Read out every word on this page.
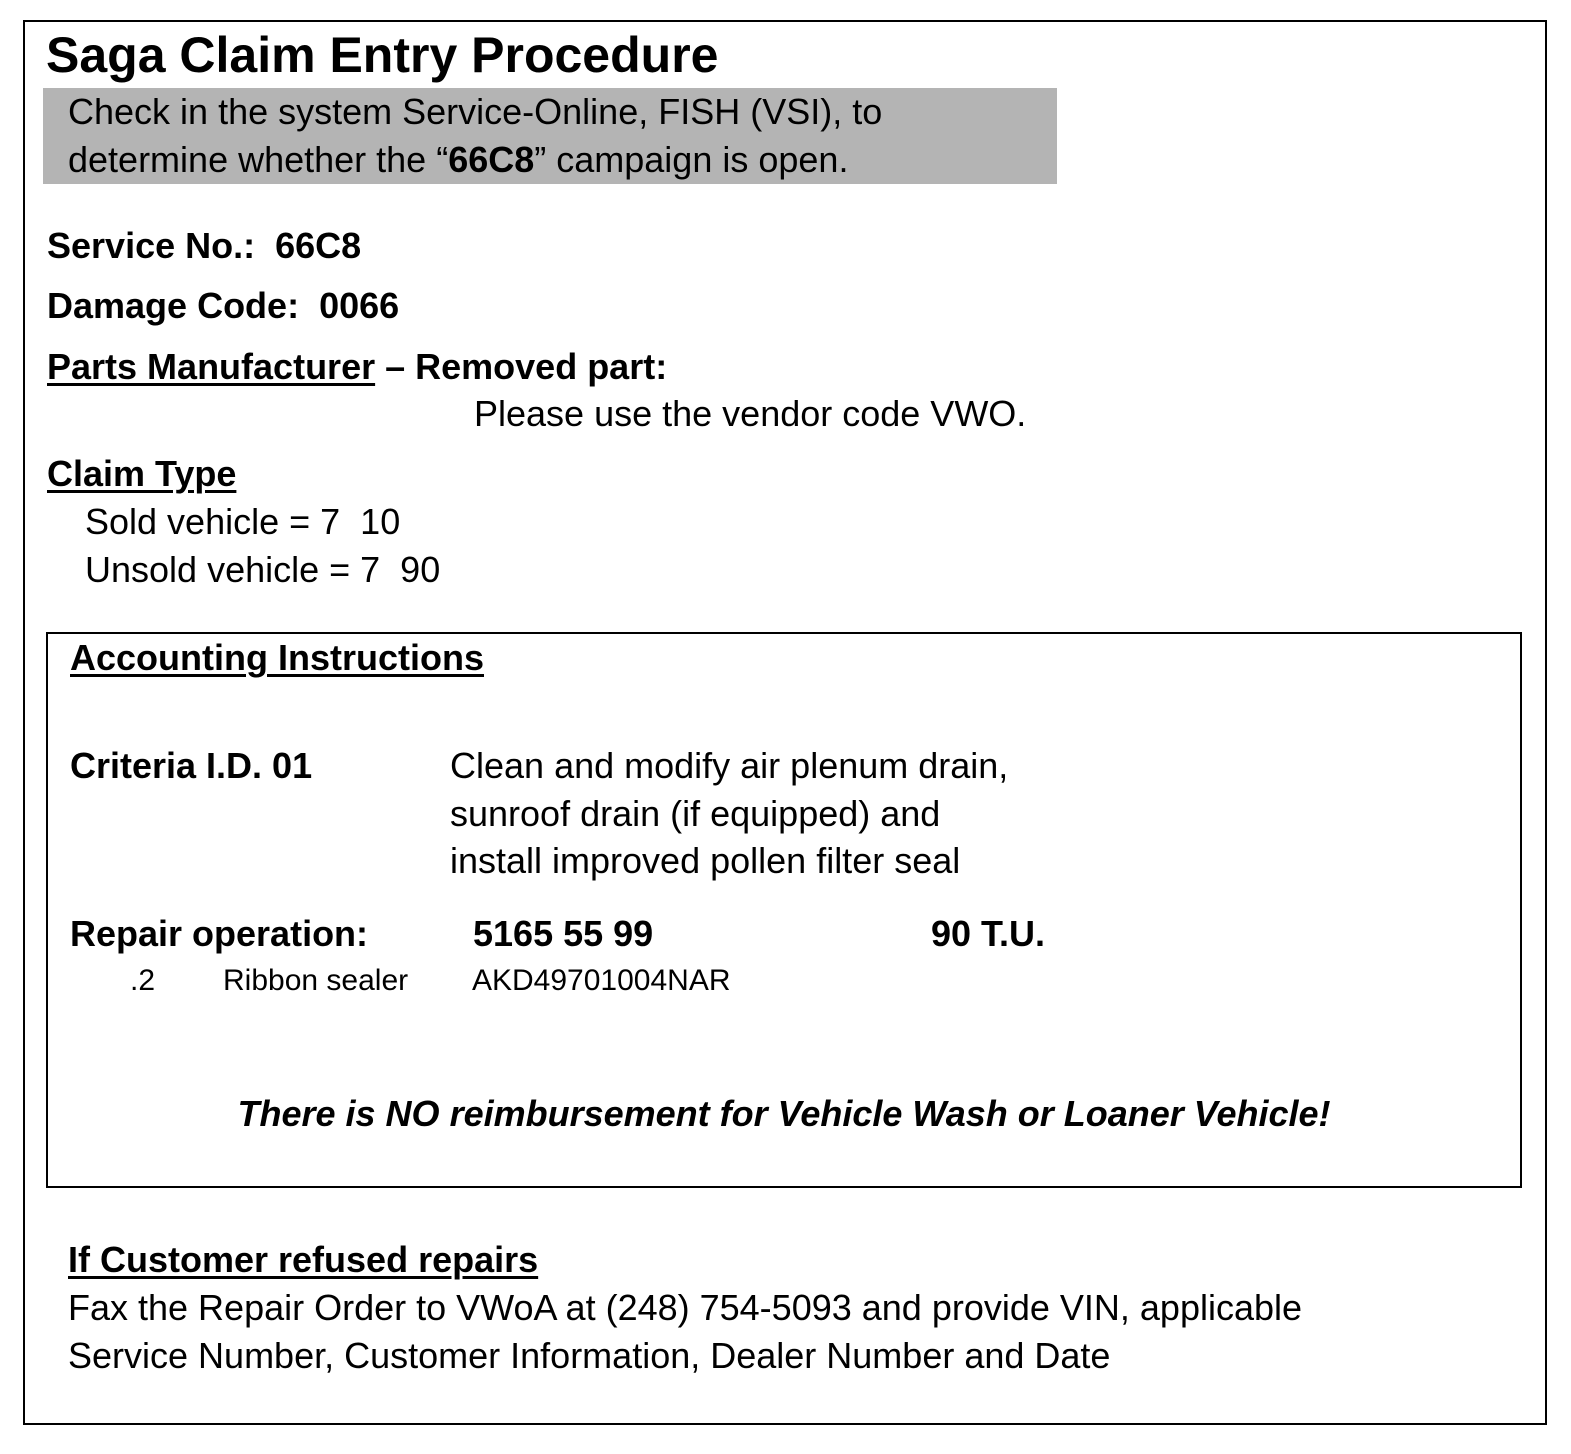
Saga Claim Entry Procedure
Check in the system Service-Online, FISH (VSI), to
determine whether the “66C8” campaign is open.
Service No.: 66C8
Damage Code: 0066
Parts Manufacturer – Removed part:
Please use the vendor code VWO.
Claim Type
Sold vehicle = 7  10
Unsold vehicle = 7  90
Accounting Instructions
Criteria I.D. 01	Clean and modify air plenum drain,
sunroof drain (if equipped) and
install improved pollen filter seal
Repair operation:	5165 55 99	90 T.U.
.2 Ribbon sealer AKD49701004NAR
There is NO reimbursement for Vehicle Wash or Loaner Vehicle!
If Customer refused repairs
Fax the Repair Order to VWoA at (248) 754-5093 and provide VIN, applicable
Service Number, Customer Information, Dealer Number and Date
